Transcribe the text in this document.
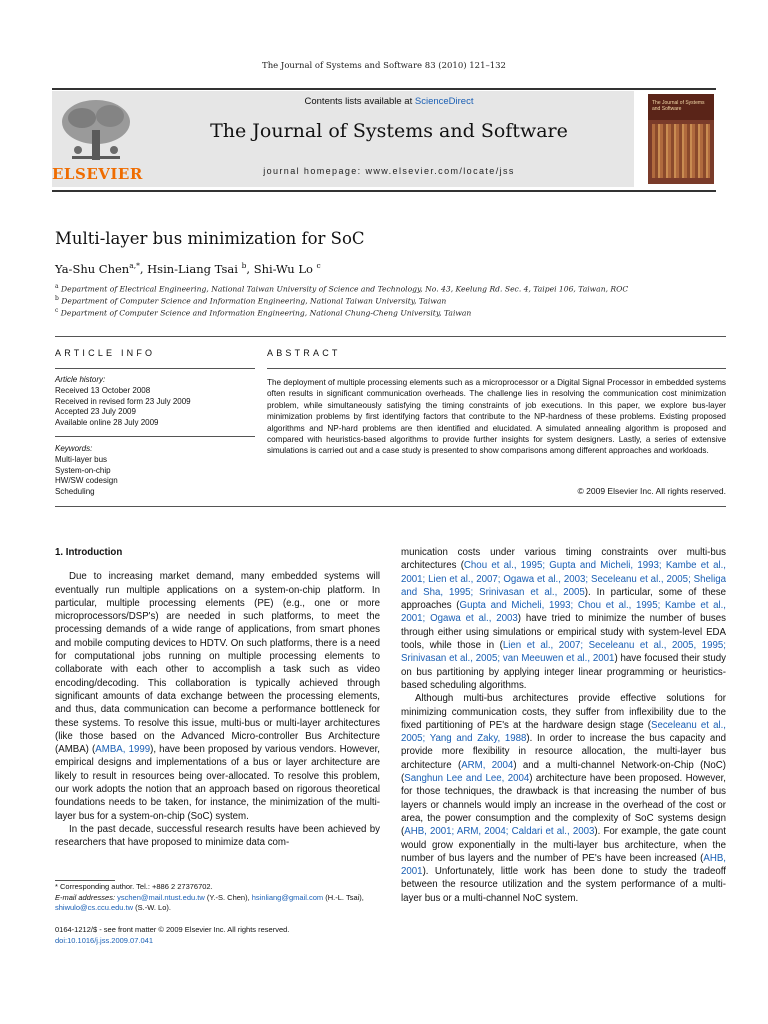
The Journal of Systems and Software 83 (2010) 121–132
ELSEVIER
Contents lists available at ScienceDirect
The Journal of Systems and Software
journal homepage: www.elsevier.com/locate/jss
The Journal of Systems and Software
Multi-layer bus minimization for SoC
Ya-Shu Chen$^{a,*}$, Hsin-Liang Tsai $^b$, Shi-Wu Lo $^c$
$^a$ Department of Electrical Engineering, National Taiwan University of Science and Technology, No. 43, Keelung Rd. Sec. 4, Taipei 106, Taiwan, ROC
$^b$ Department of Computer Science and Information Engineering, National Taiwan University, Taiwan
$^c$ Department of Computer Science and Information Engineering, National Chung-Cheng University, Taiwan
ARTICLE INFO	ABSTRACT
Article history:
Received 13 October 2008
Received in revised form 23 July 2009
Accepted 23 July 2009
Available online 28 July 2009
Keywords:
Multi-layer bus
System-on-chip
HW/SW codesign
Scheduling
The deployment of multiple processing elements such as a microprocessor or a Digital Signal Processor in embedded systems often results in significant communication overheads. The challenge lies in resolving the communication cost minimization problem, while simultaneously satisfying the timing constraints of job executions. In this paper, we explore bus-layer minimization problems by first identifying factors that contribute to the NP-hardness of these problems. Existing proposed algorithms and NP-hard problems are then identified and elucidated. A simulated annealing algorithm is proposed and compared with heuristics-based algorithms to provide further insights for system designers. Lastly, a series of extensive simulations is carried out and a case study is presented to show comparisons among different approaches and workloads.
© 2009 Elsevier Inc. All rights reserved.
1. Introduction

Due to increasing market demand, many embedded systems will eventually run multiple applications on a system-on-chip platform. In particular, multiple processing elements (PE) (e.g., one or more microprocessors/DSP's) are needed in such platforms, to meet the processing demands of a wide range of applications, from smart phones and mobile computing devices to HDTV. On such platforms, there is a need for computational jobs running on multiple processing elements to collaborate with each other to accomplish a task such as video encoding/decoding. This collaboration is typically achieved through significant amounts of data exchange between the processing elements, and thus, data communication can become a performance bottleneck for these systems. To resolve this issue, multi-bus or multi-layer architectures (like those based on the Advanced Micro-controller Bus Architecture (AMBA) (AMBA, 1999), have been proposed by various vendors. However, empirical designs and implementations of a bus or layer architecture are likely to result in resources being over-allocated. To resolve this problem, our work adopts the notion that an approach based on rigorous theoretical foundations needs to be taken, for instance, the minimization of the multi-layer bus for a system-on-chip (SoC) system.

In the past decade, successful research results have been achieved by researchers that have proposed to minimize data com-

munication costs under various timing constraints over multi-bus architectures (Chou et al., 1995; Gupta and Micheli, 1993; Kambe et al., 2001; Lien et al., 2007; Ogawa et al., 2003; Seceleanu et al., 2005; Sheliga and Sha, 1995; Srinivasan et al., 2005). In particular, some of these approaches (Gupta and Micheli, 1993; Chou et al., 1995; Kambe et al., 2001; Ogawa et al., 2003) have tried to minimize the number of buses through either using simulations or empirical study with system-level EDA tools, while those in (Lien et al., 2007; Seceleanu et al., 2005, 1995; Srinivasan et al., 2005; van Meeuwen et al., 2001) have focused their study on bus partitioning by applying integer linear programming or heuristics-based scheduling algorithms.

Although multi-bus architectures provide effective solutions for minimizing communication costs, they suffer from inflexibility due to the fixed partitioning of PE's at the hardware design stage (Seceleanu et al., 2005; Yang and Zaky, 1988). In order to increase the bus capacity and provide more flexibility in resource allocation, the multi-layer bus architecture (ARM, 2004) and a multi-channel Network-on-Chip (NoC) (Sanghun Lee and Lee, 2004) architecture have been proposed. However, for those techniques, the drawback is that increasing the number of bus layers or channels would imply an increase in the overhead of the cost or area, the power consumption and the complexity of SoC systems design (AHB, 2001; ARM, 2004; Caldari et al., 2003). For example, the gate count would grow exponentially in the multi-layer bus architecture, when the number of bus layers and the number of PE's have been increased (AHB, 2001). Unfortunately, little work has been done to study the tradeoff between the resource utilization and the system performance of a multi-layer bus or a multi-channel NoC system.

* Corresponding author. Tel.: +886 2 27376702.
E-mail addresses: yschen@mail.ntust.edu.tw (Y.-S. Chen), hsinliang@gmail.com (H.-L. Tsai), shiwulo@cs.ccu.edu.tw (S.-W. Lo).
0164-1212/$ - see front matter © 2009 Elsevier Inc. All rights reserved.
doi:10.1016/j.jss.2009.07.041
